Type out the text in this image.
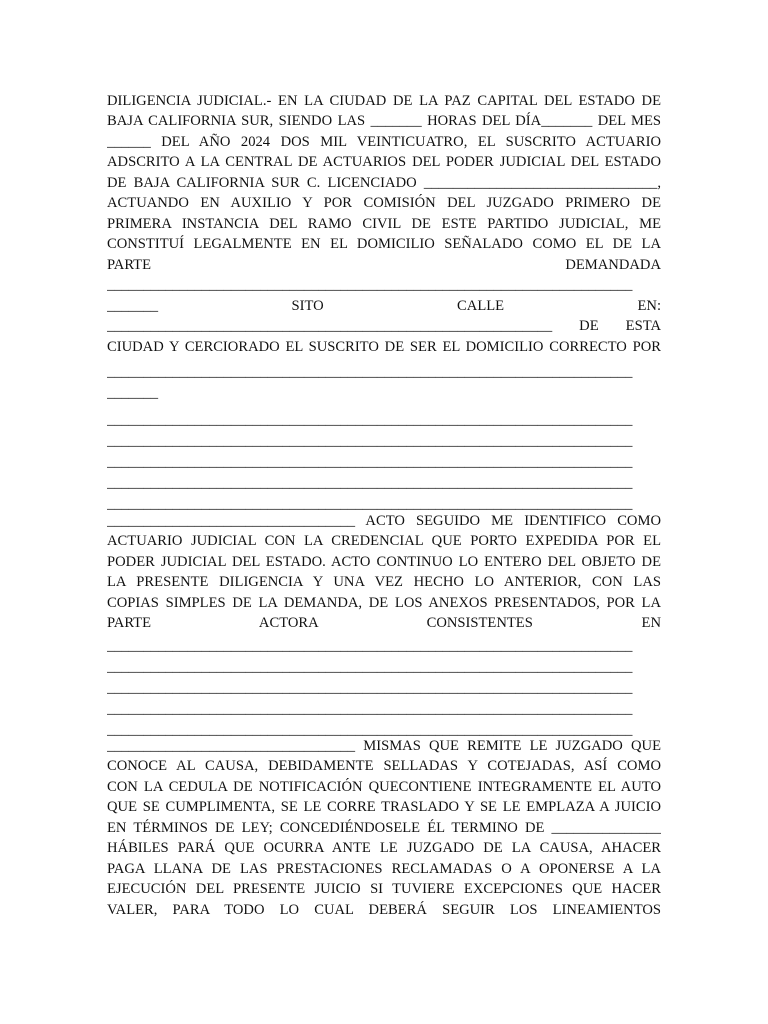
DILIGENCIA JUDICIAL.- EN LA CIUDAD DE LA PAZ CAPITAL DEL ESTADO DE
BAJA CALIFORNIA SUR, SIENDO LAS _______ HORAS DEL DÍA_______ DEL MES
______ DEL AÑO 2024 DOS MIL VEINTICUATRO, EL SUSCRITO ACTUARIO
ADSCRITO A LA CENTRAL DE ACTUARIOS DEL PODER JUDICIAL DEL ESTADO
DE BAJA CALIFORNIA SUR C. LICENCIADO ________________________________,
ACTUANDO EN AUXILIO Y POR COMISIÓN DEL JUZGADO PRIMERO DE
PRIMERA INSTANCIA DEL RAMO CIVIL DE ESTE PARTIDO JUDICIAL, ME
CONSTITUÍ LEGALMENTE EN EL DOMICILIO SEÑALADO COMO EL DE LA
PARTE DEMANDADA
________________________________________________________________________
_______ SITO CALLE EN:
_____________________________________________________________ DE ESTA
CIUDAD Y CERCIORADO EL SUSCRITO DE SER EL DOMICILIO CORRECTO POR
________________________________________________________________________
_______
________________________________________________________________________
________________________________________________________________________
________________________________________________________________________
________________________________________________________________________
________________________________________________________________________
__________________________________ ACTO SEGUIDO ME IDENTIFICO COMO
ACTUARIO JUDICIAL CON LA CREDENCIAL QUE PORTO EXPEDIDA POR EL
PODER JUDICIAL DEL ESTADO. ACTO CONTINUO LO ENTERO DEL OBJETO DE
LA PRESENTE DILIGENCIA Y UNA VEZ HECHO LO ANTERIOR, CON LAS
COPIAS SIMPLES DE LA DEMANDA, DE LOS ANEXOS PRESENTADOS, POR LA
PARTE ACTORA CONSISTENTES EN
________________________________________________________________________
________________________________________________________________________
________________________________________________________________________
________________________________________________________________________
________________________________________________________________________
__________________________________ MISMAS QUE REMITE LE JUZGADO QUE
CONOCE AL CAUSA, DEBIDAMENTE SELLADAS Y COTEJADAS, ASÍ COMO
CON LA CEDULA DE NOTIFICACIÓN QUECONTIENE INTEGRAMENTE EL AUTO
QUE SE CUMPLIMENTA, SE LE CORRE TRASLADO Y SE LE EMPLAZA A JUICIO
EN TÉRMINOS DE LEY; CONCEDIÉNDOSELE ÉL TERMINO DE _______________
HÁBILES PARÁ QUE OCURRA ANTE LE JUZGADO DE LA CAUSA, AHACER
PAGA LLANA DE LAS PRESTACIONES RECLAMADAS O A OPONERSE A LA
EJECUCIÓN DEL PRESENTE JUICIO SI TUVIERE EXCEPCIONES QUE HACER
VALER, PARA TODO LO CUAL DEBERÁ SEGUIR LOS LINEAMIENTOS
